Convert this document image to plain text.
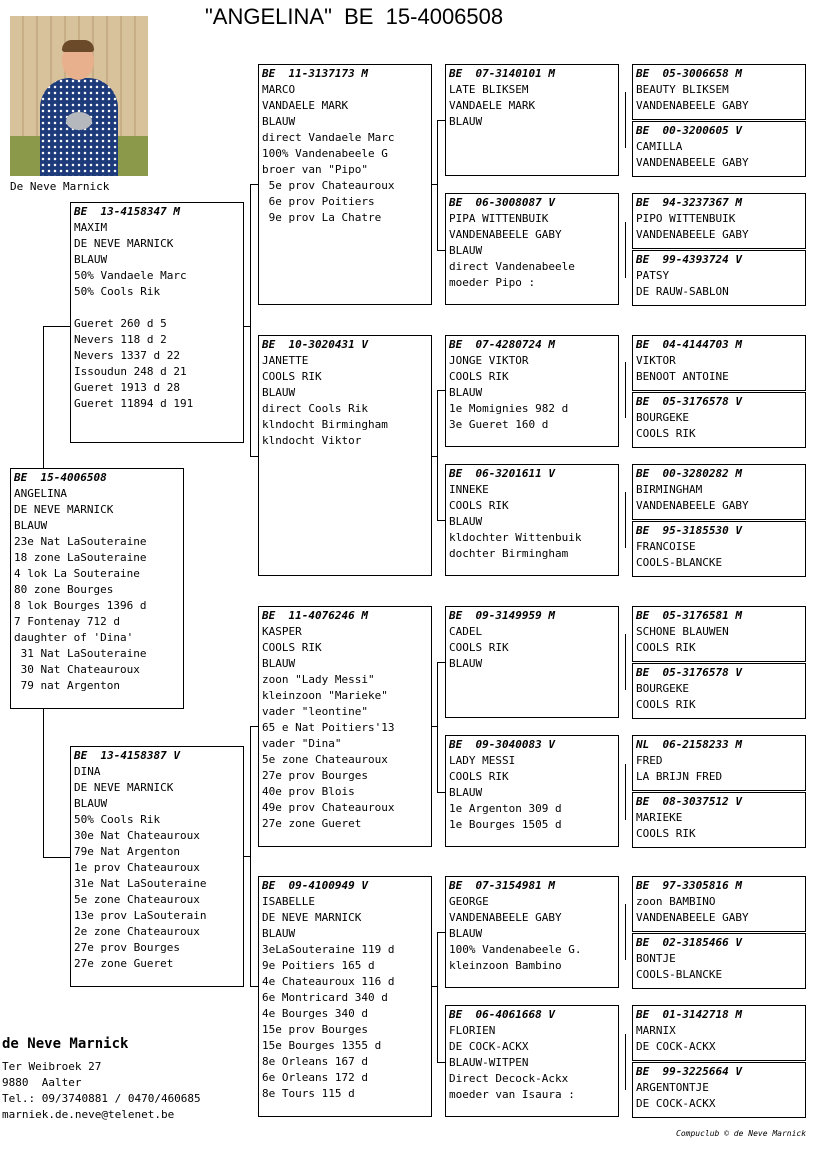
"ANGELINA"  BE  15-4006508
De Neve Marnick
BE  15-4006508
ANGELINA
DE NEVE MARNICK
BLAUW
23e Nat LaSouteraine
18 zone LaSouteraine
4 lok La Souteraine
80 zone Bourges
8 lok Bourges 1396 d
7 Fontenay 712 d
daughter of 'Dina'
31 Nat LaSouteraine
30 Nat Chateauroux
79 nat Argenton
BE  13-4158347 M
MAXIM
DE NEVE MARNICK
BLAUW
50% Vandaele Marc
50% Cools Rik
Gueret 260 d 5
Nevers 118 d 2
Nevers 1337 d 22
Issoudun 248 d 21
Gueret 1913 d 28
Gueret 11894 d 191
BE  13-4158387 V
DINA
DE NEVE MARNICK
BLAUW
50% Cools Rik
30e Nat Chateauroux
79e Nat Argenton
1e prov Chateauroux
31e Nat LaSouteraine
5e zone Chateauroux
13e prov LaSouterain
2e zone Chateauroux
27e prov Bourges
27e zone Gueret
BE  11-3137173 M
MARCO
VANDAELE MARK
BLAUW
direct Vandaele Marc
100% Vandenabeele G
broer van "Pipo"
5e prov Chateauroux
6e prov Poitiers
9e prov La Chatre
BE  10-3020431 V
JANETTE
COOLS RIK
BLAUW
direct Cools Rik
klndocht Birmingham
klndocht Viktor
BE  11-4076246 M
KASPER
COOLS RIK
BLAUW
zoon "Lady Messi"
kleinzoon "Marieke"
vader "leontine"
65 e Nat Poitiers'13
vader "Dina"
5e zone Chateauroux
27e prov Bourges
40e prov Blois
49e prov Chateauroux
27e zone Gueret
BE  09-4100949 V
ISABELLE
DE NEVE MARNICK
BLAUW
3eLaSouteraine 119 d
9e Poitiers 165 d
4e Chateauroux 116 d
6e Montricard 340 d
4e Bourges 340 d
15e prov Bourges
15e Bourges 1355 d
8e Orleans 167 d
6e Orleans 172 d
8e Tours 115 d
BE  07-3140101 M
LATE BLIKSEM
VANDAELE MARK
BLAUW
BE  06-3008087 V
PIPA WITTENBUIK
VANDENABEELE GABY
BLAUW
direct Vandenabeele
moeder Pipo :
BE  07-4280724 M
JONGE VIKTOR
COOLS RIK
BLAUW
1e Momignies 982 d
3e Gueret 160 d
BE  06-3201611 V
INNEKE
COOLS RIK
BLAUW
kldochter Wittenbuik
dochter Birmingham
BE  09-3149959 M
CADEL
COOLS RIK
BLAUW
BE  09-3040083 V
LADY MESSI
COOLS RIK
BLAUW
1e Argenton 309 d
1e Bourges 1505 d
BE  07-3154981 M
GEORGE
VANDENABEELE GABY
BLAUW
100% Vandenabeele G.
kleinzoon Bambino
BE  06-4061668 V
FLORIEN
DE COCK-ACKX
BLAUW-WITPEN
Direct Decock-Ackx
moeder van Isaura :
BE  05-3006658 M
BEAUTY BLIKSEM
VANDENABEELE GABY
BE  00-3200605 V
CAMILLA
VANDENABEELE GABY
BE  94-3237367 M
PIPO WITTENBUIK
VANDENABEELE GABY
BE  99-4393724 V
PATSY
DE RAUW-SABLON
BE  04-4144703 M
VIKTOR
BENOOT ANTOINE
BE  05-3176578 V
BOURGEKE
COOLS RIK
BE  00-3280282 M
BIRMINGHAM
VANDENABEELE GABY
BE  95-3185530 V
FRANCOISE
COOLS-BLANCKE
BE  05-3176581 M
SCHONE BLAUWEN
COOLS RIK
BE  05-3176578 V
BOURGEKE
COOLS RIK
NL  06-2158233 M
FRED
LA BRIJN FRED
BE  08-3037512 V
MARIEKE
COOLS RIK
BE  97-3305816 M
zoon BAMBINO
VANDENABEELE GABY
BE  02-3185466 V
BONTJE
COOLS-BLANCKE
BE  01-3142718 M
MARNIX
DE COCK-ACKX
BE  99-3225664 V
ARGENTONTJE
DE COCK-ACKX
de Neve Marnick
Ter Weibroek 27
9880  Aalter
Tel.: 09/3740881 / 0470/460685
marniek.de.neve@telenet.be
Compuclub © de Neve Marnick
